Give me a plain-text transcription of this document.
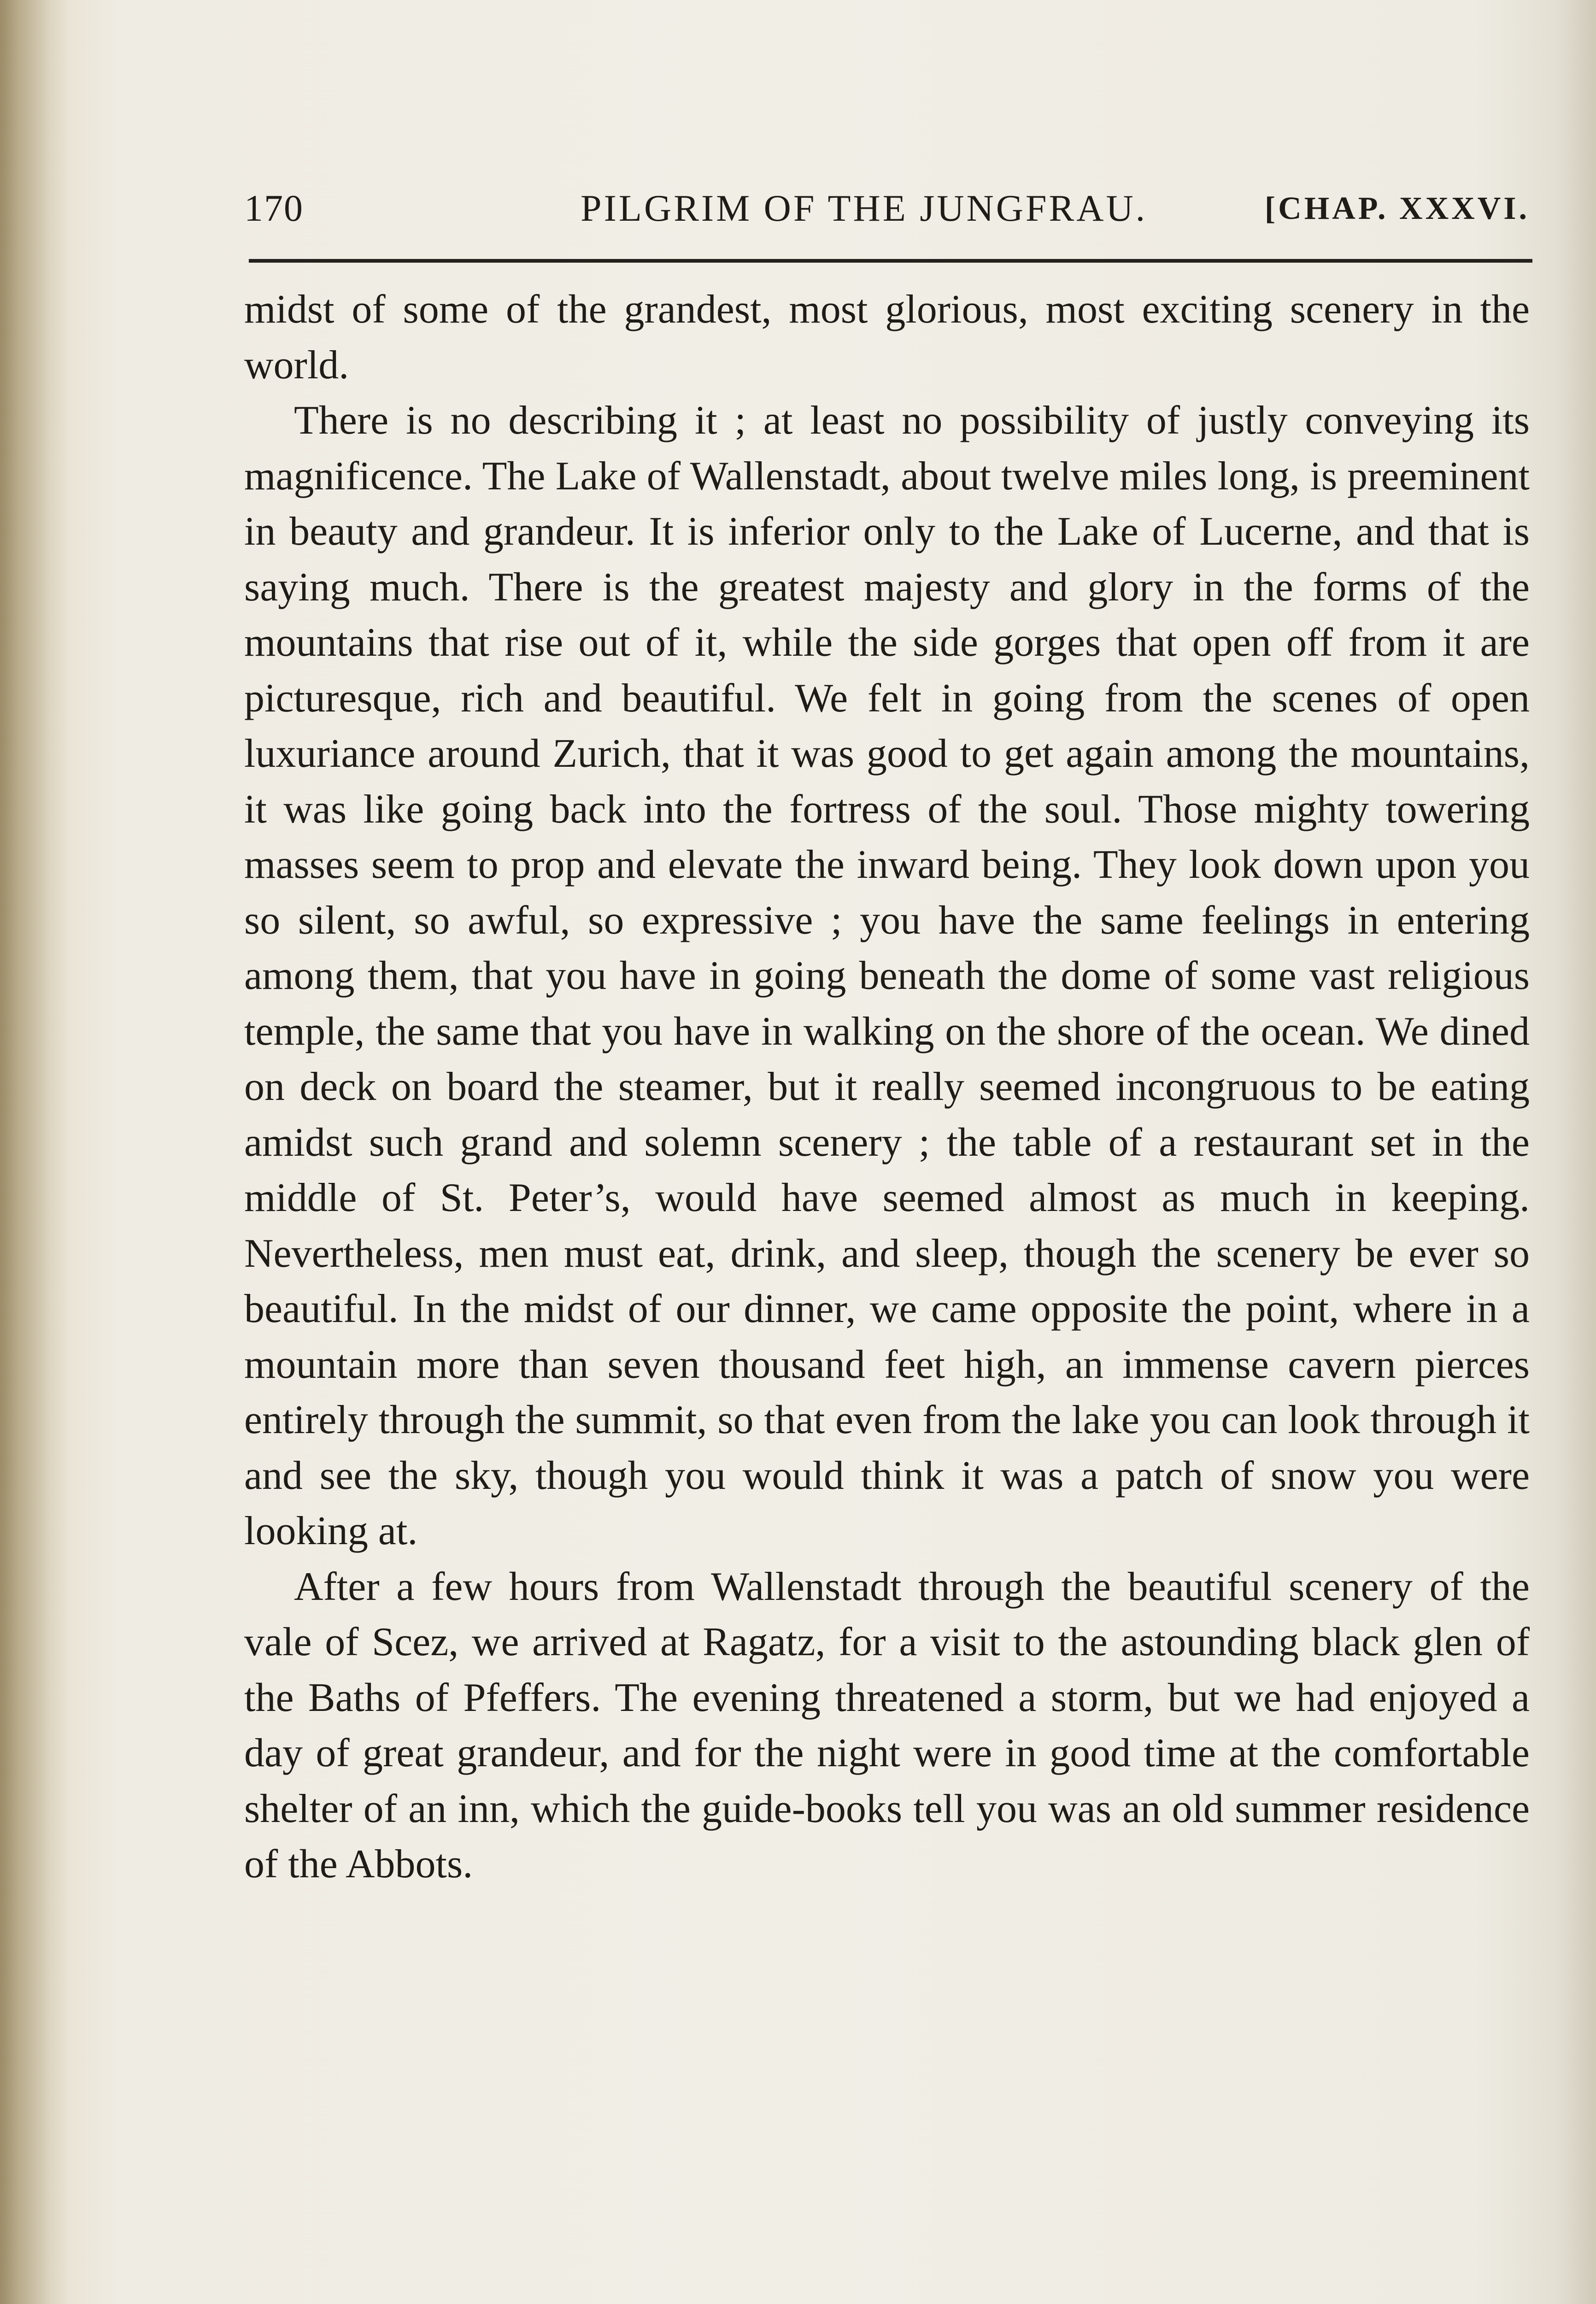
170	PILGRIM OF THE JUNGFRAU.	[CHAP. XXXVI.

midst of some of the grandest, most glorious, most exciting scenery in the world.

There is no describing it ; at least no possibility of justly conveying its magnificence. The Lake of Wallenstadt, about twelve miles long, is preeminent in beauty and grandeur. It is inferior only to the Lake of Lucerne, and that is saying much. There is the greatest majesty and glory in the forms of the mountains that rise out of it, while the side gorges that open off from it are picturesque, rich and beautiful. We felt in going from the scenes of open luxuriance around Zurich, that it was good to get again among the mountains, it was like going back into the fortress of the soul. Those mighty towering masses seem to prop and elevate the inward being. They look down upon you so silent, so awful, so expressive ; you have the same feelings in entering among them, that you have in going beneath the dome of some vast religious temple, the same that you have in walking on the shore of the ocean. We dined on deck on board the steamer, but it really seemed incongruous to be eating amidst such grand and solemn scenery ; the table of a restaurant set in the middle of St. Peter’s, would have seemed almost as much in keeping. Nevertheless, men must eat, drink, and sleep, though the scenery be ever so beautiful. In the midst of our dinner, we came opposite the point, where in a mountain more than seven thousand feet high, an immense cavern pierces entirely through the summit, so that even from the lake you can look through it and see the sky, though you would think it was a patch of snow you were looking at.

After a few hours from Wallenstadt through the beautiful scenery of the vale of Scez, we arrived at Ragatz, for a visit to the astounding black glen of the Baths of Pfeffers. The evening threatened a storm, but we had enjoyed a day of great grandeur, and for the night were in good time at the comfortable shelter of an inn, which the guide-books tell you was an old summer residence of the Abbots.
